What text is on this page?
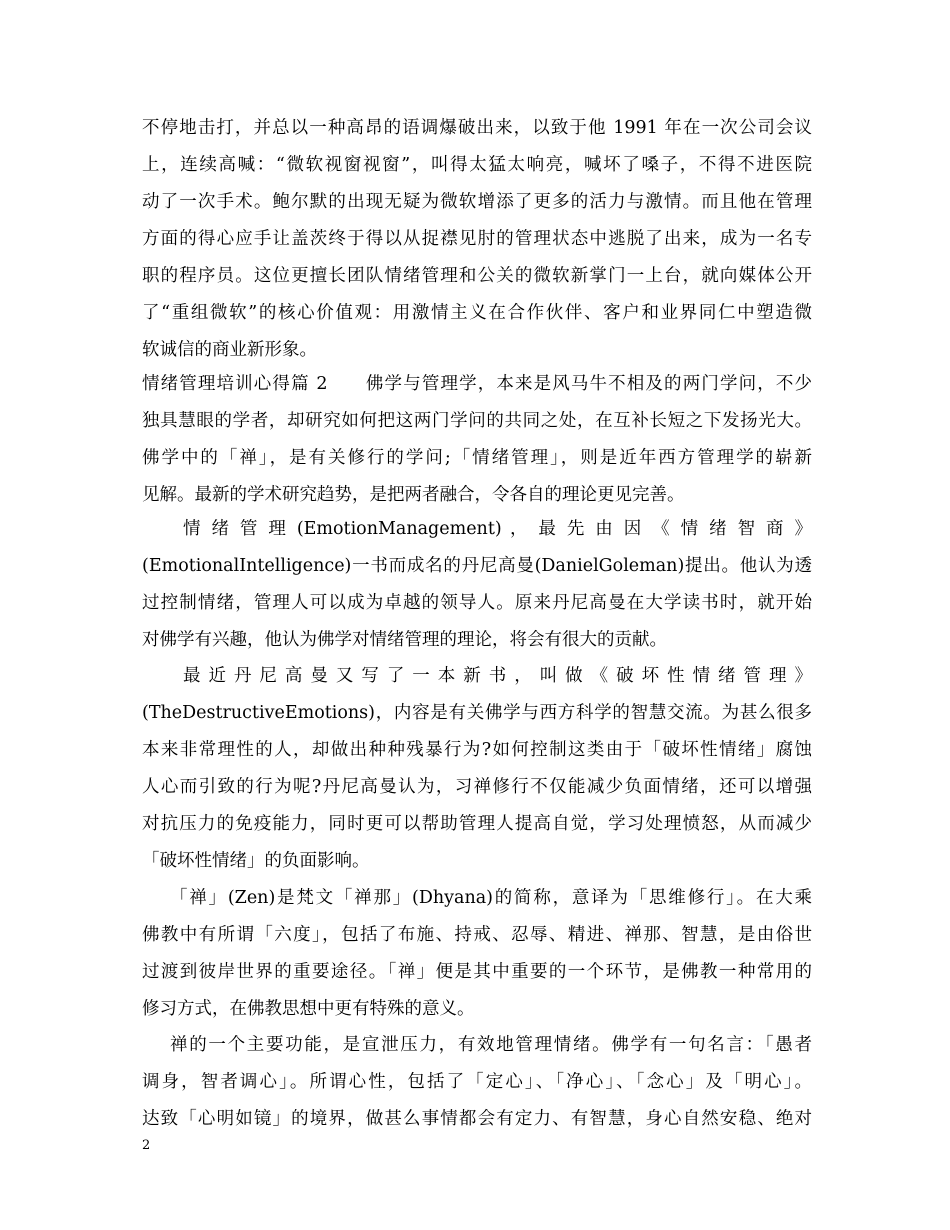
不停地击打，并总以一种高昂的语调爆破出来，以致于他 1991 年在一次公司会议
上，连续高喊：“微软视窗视窗”，叫得太猛太响亮，喊坏了嗓子，不得不进医院
动了一次手术。鲍尔默的出现无疑为微软增添了更多的活力与激情。而且他在管理
方面的得心应手让盖茨终于得以从捉襟见肘的管理状态中逃脱了出来，成为一名专
职的程序员。这位更擅长团队情绪管理和公关的微软新掌门一上台，就向媒体公开
了“重组微软”的核心价值观：用激情主义在合作伙伴、客户和业界同仁中塑造微
软诚信的商业新形象。
情绪管理培训心得篇 2　　佛学与管理学，本来是风马牛不相及的两门学问，不少
独具慧眼的学者，却研究如何把这两门学问的共同之处，在互补长短之下发扬光大。
佛学中的「禅」，是有关修行的学问;「情绪管理」，则是近年西方管理学的崭新
见解。最新的学术研究趋势，是把两者融合，令各自的理论更见完善。
情 绪 管 理 (EmotionManagement) ， 最 先 由 因 《 情 绪 智 商 》
(EmotionalIntelligence)一书而成名的丹尼高曼(DanielGoleman)提出。他认为透
过控制情绪，管理人可以成为卓越的领导人。原来丹尼高曼在大学读书时，就开始
对佛学有兴趣，他认为佛学对情绪管理的理论，将会有很大的贡献。
最 近 丹 尼 高 曼 又 写 了 一 本 新 书 ， 叫 做 《 破 坏 性 情 绪 管 理 》
(TheDestructiveEmotions)，内容是有关佛学与西方科学的智慧交流。为甚么很多
本来非常理性的人，却做出种种残暴行为?如何控制这类由于「破坏性情绪」腐蚀
人心而引致的行为呢?丹尼高曼认为，习禅修行不仅能减少负面情绪，还可以增强
对抗压力的免疫能力，同时更可以帮助管理人提高自觉，学习处理愤怒，从而减少
「破坏性情绪」的负面影响。
「禅」(Zen)是梵文「禅那」(Dhyana)的简称，意译为「思维修行」。在大乘
佛教中有所谓「六度」，包括了布施、持戒、忍辱、精进、禅那、智慧，是由俗世
过渡到彼岸世界的重要途径。「禅」便是其中重要的一个环节，是佛教一种常用的
修习方式，在佛教思想中更有特殊的意义。
禅的一个主要功能，是宣泄压力，有效地管理情绪。佛学有一句名言：「愚者
调身，智者调心」。所谓心性，包括了「定心」、「净心」、「念心」及「明心」。
达致「心明如镜」的境界，做甚么事情都会有定力、有智慧，身心自然安稳、绝对
2
